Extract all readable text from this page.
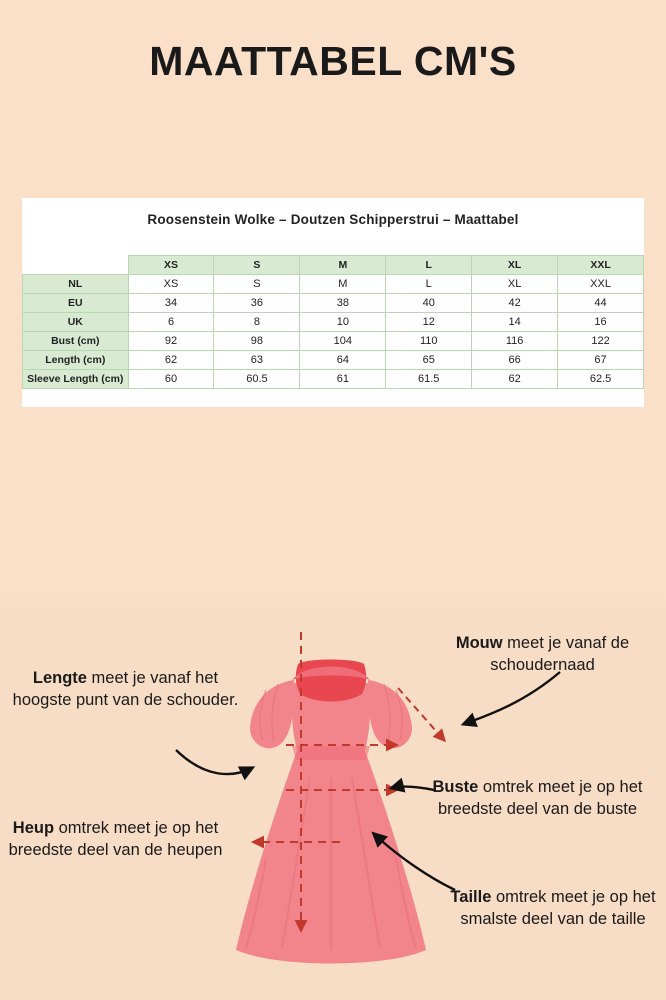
MAATTABEL CM'S
Roosenstein Wolke – Doutzen Schipperstrui – Maattabel
	XS	S	M	L	XL	XXL
NL	XS	S	M	L	XL	XXL
EU	34	36	38	40	42	44
UK	6	8	10	12	14	16
Bust (cm)	92	98	104	110	116	122
Length (cm)	62	63	64	65	66	67
Sleeve Length (cm)	60	60.5	61	61.5	62	62.5
Mouw meet je vanaf de schoudernaad
Lengte meet je vanaf het hoogste punt van de schouder.
Buste omtrek meet je op het breedste deel van de buste
Heup omtrek meet je op het breedste deel van de heupen
Taille omtrek meet je op het smalste deel van de taille
